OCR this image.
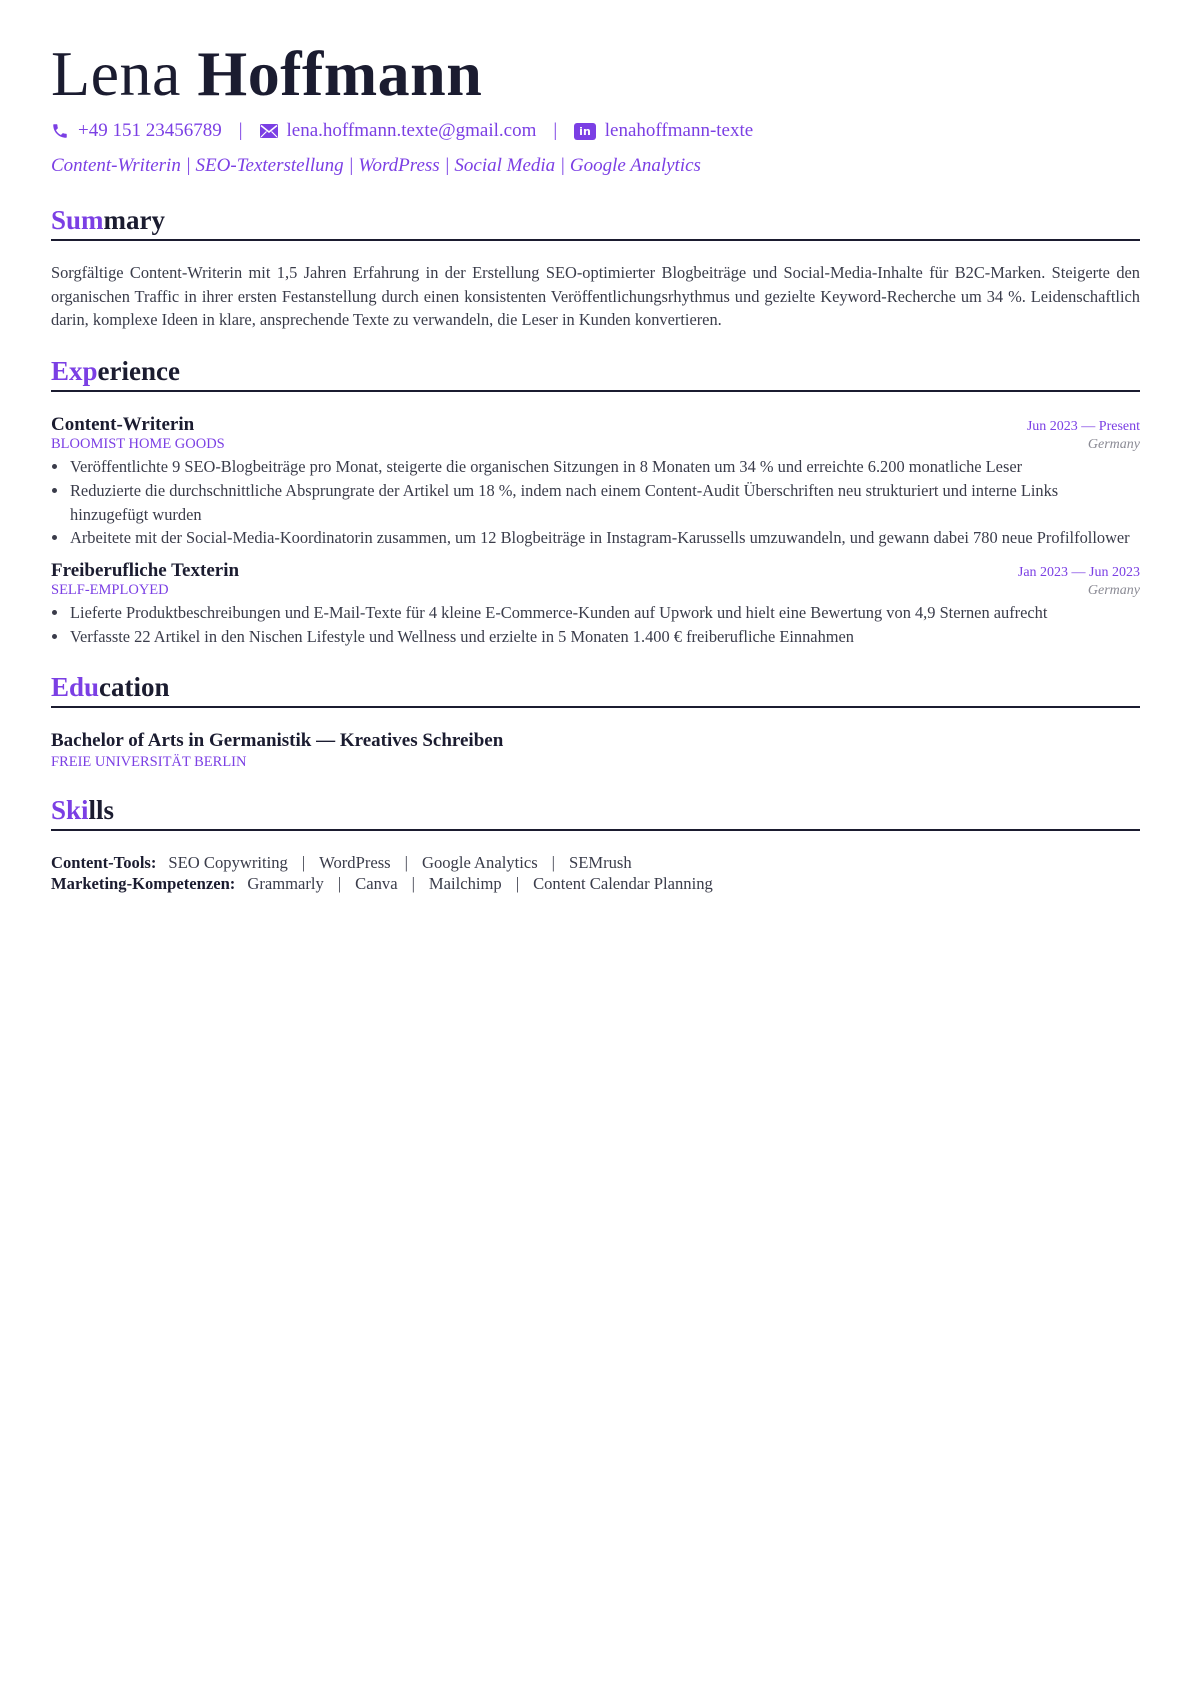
Lena Hoffmann
+49 151 23456789 | lena.hoffmann.texte@gmail.com |	in lenahoffmann-texte
Content-Writerin | SEO-Texterstellung | WordPress | Social Media | Google Analytics
Summary
Sorgfältige Content-Writerin mit 1,5 Jahren Erfahrung in der Erstellung SEO-optimierter Blogbeiträge und Social-Media-Inhalte für B2C-Marken. Steigerte den organischen Traffic in ihrer ersten Festanstellung durch einen konsistenten Veröffentlichungsrhythmus und gezielte Keyword-Recherche um 34 %. Leidenschaftlich darin, komplexe Ideen in klare, ansprechende Texte zu verwandeln, die Leser in Kunden konvertieren.
Experience
Content-Writerin	Jun 2023 — Present
BLOOMIST HOME GOODS	Germany
• Veröffentlichte 9 SEO-Blogbeiträge pro Monat, steigerte die organischen Sitzungen in 8 Monaten um 34 % und erreichte 6.200 monatliche Leser
• Reduzierte die durchschnittliche Absprungrate der Artikel um 18 %, indem nach einem Content-Audit Überschriften neu strukturiert und interne Links hinzugefügt wurden
• Arbeitete mit der Social-Media-Koordinatorin zusammen, um 12 Blogbeiträge in Instagram-Karussells umzuwandeln, und gewann dabei 780 neue Profilfollower
Freiberufliche Texterin	Jan 2023 — Jun 2023
SELF-EMPLOYED	Germany
• Lieferte Produktbeschreibungen und E-Mail-Texte für 4 kleine E-Commerce-Kunden auf Upwork und hielt eine Bewertung von 4,9 Sternen aufrecht
• Verfasste 22 Artikel in den Nischen Lifestyle und Wellness und erzielte in 5 Monaten 1.400 € freiberufliche Einnahmen
Education
Bachelor of Arts in Germanistik — Kreatives Schreiben
FREIE UNIVERSITÄT BERLIN
Skills
Content-Tools: SEO Copywriting | WordPress | Google Analytics | SEMrush
Marketing-Kompetenzen: Grammarly | Canva | Mailchimp | Content Calendar Planning
